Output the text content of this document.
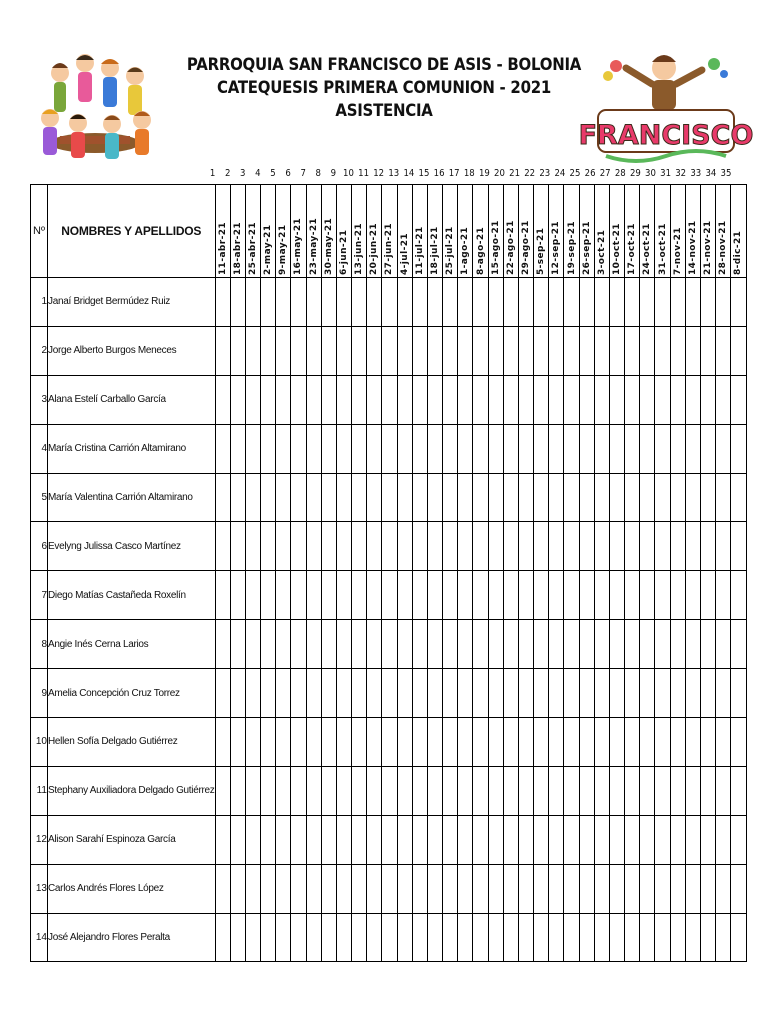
FRANCISCO
PARROQUIA SAN FRANCISCO DE ASIS - BOLONIA
CATEQUESIS PRIMERA COMUNION - 2021
ASISTENCIA
1	2	3	4	5	6	7	8	9 10 11 12 13 14 15 16 17 18 19 20 21 22 23 24 25 26 27 28 29 30 31 32 33 34 35
Nº	NOMBRES Y APELLIDOS	11-abr-21	18-abr-21	25-abr-21	2-may-21	9-may-21	16-may-21	23-may-21	30-may-21	6-jun-21	13-jun-21	20-jun-21	27-jun-21	4-jul-21	11-jul-21	18-jul-21	25-jul-21	1-ago-21	8-ago-21	15-ago-21	22-ago-21	29-ago-21	5-sep-21	12-sep-21	19-sep-21	26-sep-21	3-oct-21	10-oct-21	17-oct-21	24-oct-21	31-oct-21	7-nov-21	14-nov-21	21-nov-21	28-nov-21	8-dic-21

1	Janaí Bridget Bermúdez Ruiz																																			
2	Jorge Alberto Burgos Meneces																																			
3	Alana Estelí Carballo García																																			
4	María Cristina Carrión Altamirano																																			
5	María Valentina Carrión Altamirano																																			
6	Evelyng Julissa Casco Martínez																																			
7	Diego Matías Castañeda Roxelín																																			
8	Angie Inés Cerna Larios																																			
9	Amelia Concepción Cruz Torrez																																			
10	Hellen Sofía Delgado Gutiérrez																																			
11	Stephany Auxiliadora Delgado Gutiérrez																																			
12	Alison Sarahí Espinoza García																																			
13	Carlos Andrés Flores López																																			
14	José Alejandro Flores Peralta																																			
